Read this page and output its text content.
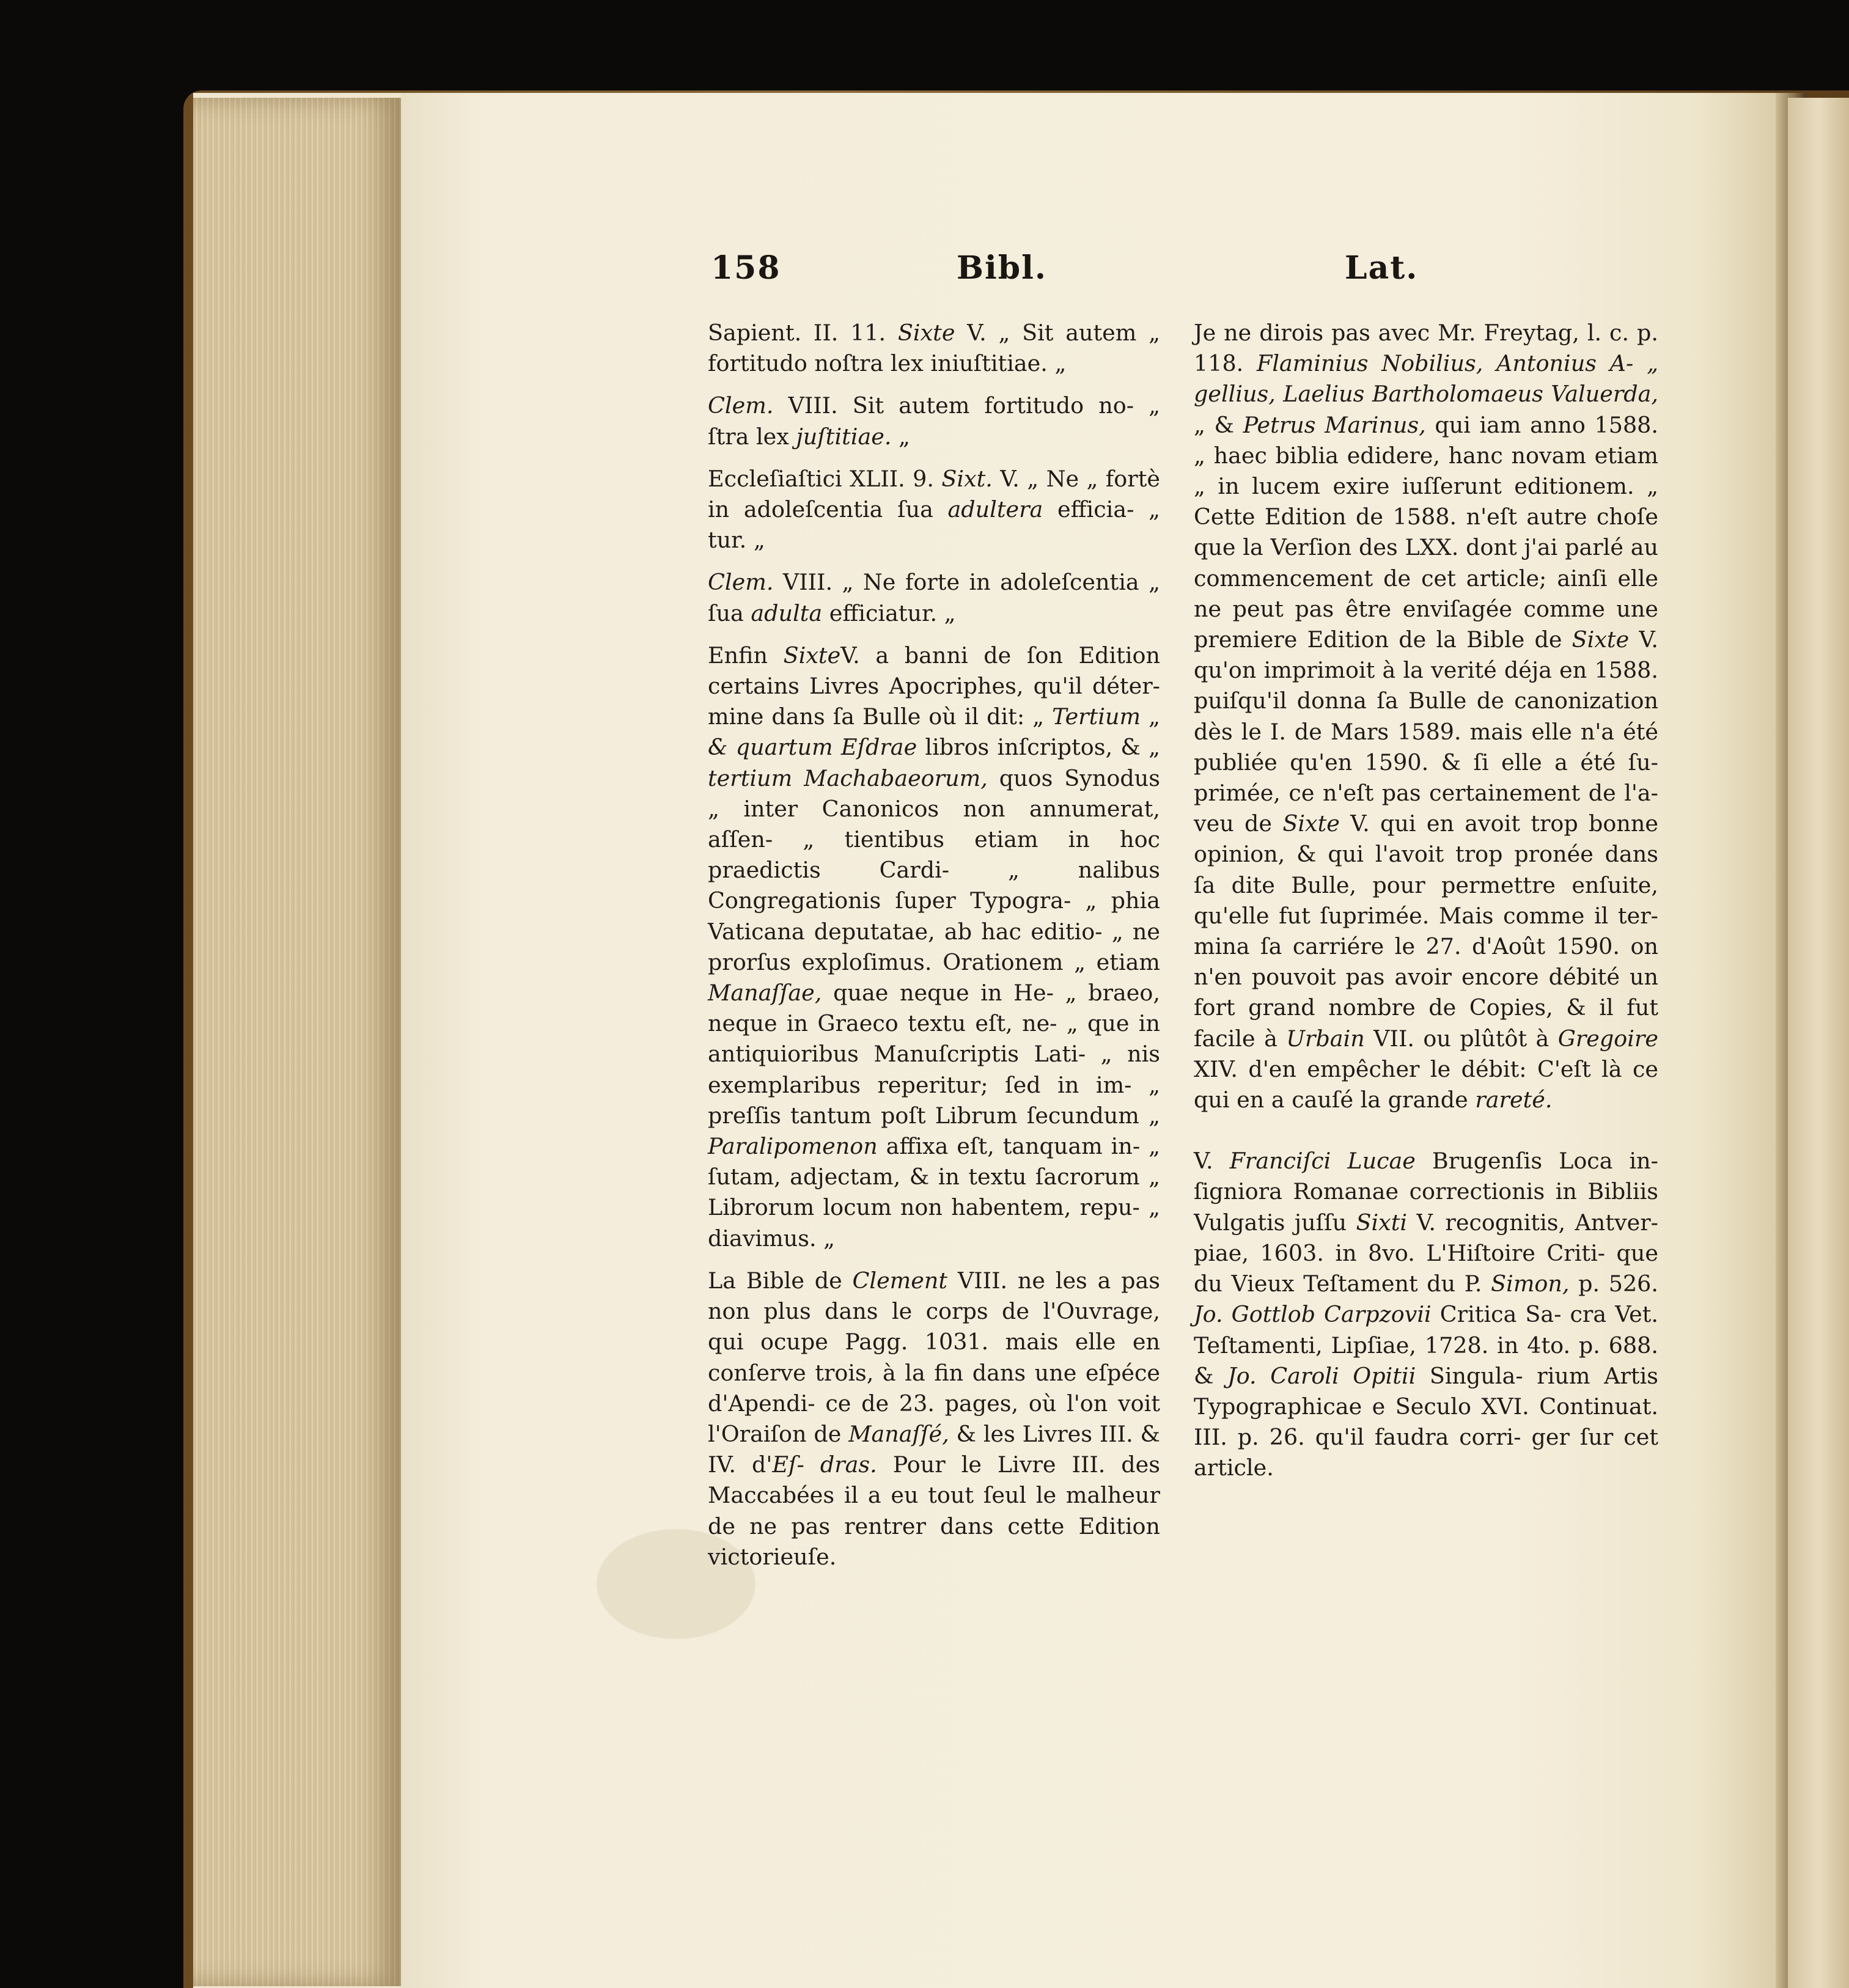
158	Bibl.	Lat.

Sapient. II. 11. Sixte V. „ Sit autem „ fortitudo noſtra lex iniuſtitiae. „

Clem. VIII. Sit autem fortitudo no- „ ſtra lex juſtitiae. „

Eccleſiaſtici XLII. 9. Sixt. V. „ Ne „ fortè in adoleſcentia ſua adultera efficia- „ tur. „

Clem. VIII. „ Ne forte in adoleſcentia „ ſua adulta efficiatur. „

Enfin SixteV. a banni de ſon Edition certains Livres Apocriphes, qu'il déter- mine dans ſa Bulle où il dit: „ Tertium „ & quartum Eſdrae libros inſcriptos, & „ tertium Machabaeorum, quos Synodus „ inter Canonicos non annumerat, aſſen- „ tientibus etiam in hoc praedictis Cardi- „ nalibus Congregationis ſuper Typogra- „ phia Vaticana deputatae, ab hac editio- „ ne prorſus exploſimus. Orationem „ etiam Manaſſae, quae neque in He- „ braeo, neque in Graeco textu eſt, ne- „ que in antiquioribus Manuſcriptis Lati- „ nis exemplaribus reperitur; ſed in im- „ preſſis tantum poſt Librum ſecundum „ Paralipomenon affixa eſt, tanquam in- „ ſutam, adjectam, & in textu ſacrorum „ Librorum locum non habentem, repu- „ diavimus. „

La Bible de Clement VIII. ne les a pas non plus dans le corps de l'Ouvrage, qui ocupe Pagg. 1031. mais elle en conſerve trois, à la fin dans une eſpéce d'Apendi- ce de 23. pages, où l'on voit l'Oraiſon de Manaſſé, & les Livres III. & IV. d'Eſ- dras. Pour le Livre III. des Maccabées il a eu tout ſeul le malheur de ne pas rentrer dans cette Edition victorieuſe.

Je ne dirois pas avec Mr. Freytag, l. c. p. 118. Flaminius Nobilius, Antonius A- „ gellius, Laelius Bartholomaeus Valuerda, „ & Petrus Marinus, qui iam anno 1588. „ haec biblia edidere, hanc novam etiam „ in lucem exire iuſſerunt editionem. „ Cette Edition de 1588. n'eſt autre choſe que la Verſion des LXX. dont j'ai parlé au commencement de cet article; ainſi elle ne peut pas être enviſagée comme une premiere Edition de la Bible de Sixte V. qu'on imprimoit à la verité déja en 1588. puiſqu'il donna ſa Bulle de canonization dès le I. de Mars 1589. mais elle n'a été publiée qu'en 1590. & ſi elle a été ſu- primée, ce n'eſt pas certainement de l'a- veu de Sixte V. qui en avoit trop bonne opinion, & qui l'avoit trop pronée dans ſa dite Bulle, pour permettre enſuite, qu'elle fut ſuprimée. Mais comme il ter- mina ſa carriére le 27. d'Août 1590. on n'en pouvoit pas avoir encore débité un fort grand nombre de Copies, & il fut facile à Urbain VII. ou plûtôt à Gregoire XIV. d'en empêcher le débit: C'eſt là ce qui en a cauſé la grande rareté.

V. Franciſci Lucae Brugenſis Loca in- ſigniora Romanae correctionis in Bibliis Vulgatis juſſu Sixti V. recognitis, Antver- piae, 1603. in 8vo. L'Hiſtoire Criti- que du Vieux Teſtament du P. Simon, p. 526. Jo. Gottlob Carpzovii Critica Sa- cra Vet. Teſtamenti, Lipſiae, 1728. in 4to. p. 688. & Jo. Caroli Opitii Singula- rium Artis Typographicae e Seculo XVI. Continuat. III. p. 26. qu'il faudra corri- ger ſur cet article.
